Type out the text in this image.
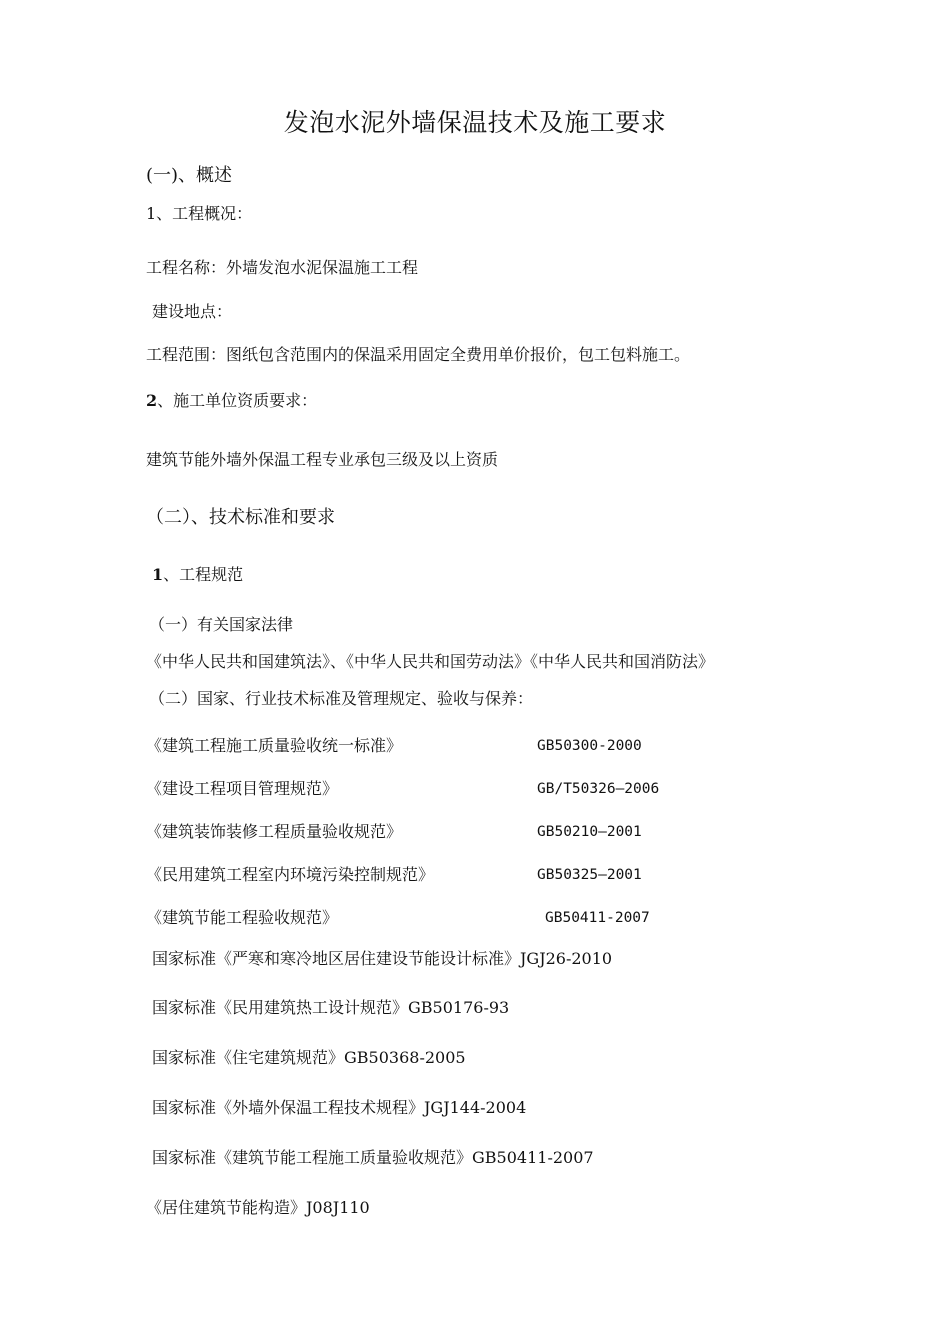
发泡水泥外墙保温技术及施工要求
(一)、概述
1、工程概况：
工程名称：外墙发泡水泥保温施工工程
建设地点：
工程范围：图纸包含范围内的保温采用固定全费用单价报价，包工包料施工。
2、施工单位资质要求：
建筑节能外墙外保温工程专业承包三级及以上资质
（二）、技术标准和要求
1、工程规范
（一）有关国家法律
《中华人民共和国建筑法》、《中华人民共和国劳动法》《中华人民共和国消防法》
（二）国家、行业技术标准及管理规定、验收与保养：
《建筑工程施工质量验收统一标准》	GB50300-2000
《建设工程项目管理规范》	GB/T50326—2006
《建筑装饰装修工程质量验收规范》	GB50210—2001
《民用建筑工程室内环境污染控制规范》	GB50325—2001
《建筑节能工程验收规范》	GB50411-2007
国家标准《严寒和寒冷地区居住建设节能设计标准》JGJ26-2010
国家标准《民用建筑热工设计规范》GB50176-93
国家标准《住宅建筑规范》GB50368-2005
国家标准《外墙外保温工程技术规程》JGJ144-2004
国家标准《建筑节能工程施工质量验收规范》GB50411-2007
《居住建筑节能构造》J08J110
